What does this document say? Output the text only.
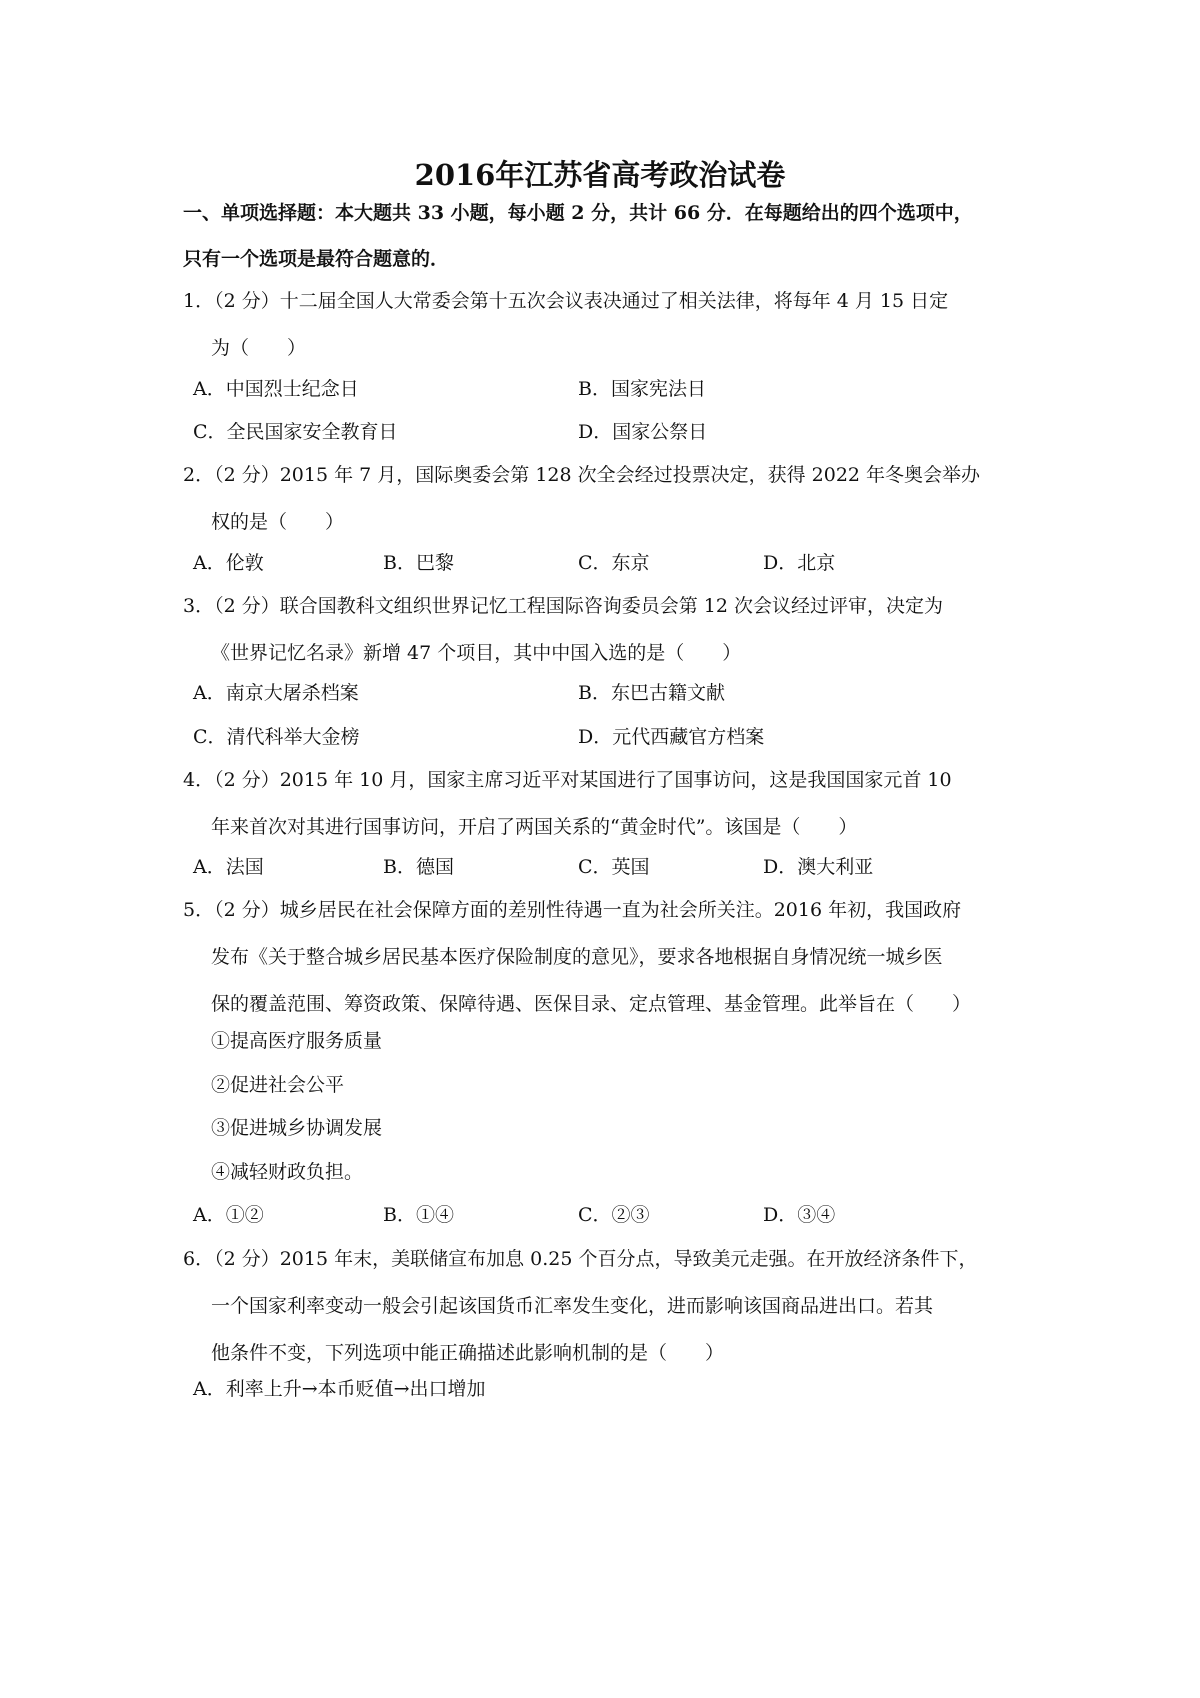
2016年江苏省高考政治试卷
一、单项选择题：本大题共 33 小题，每小题 2 分，共计 66 分．在每题给出的四个选项中，
只有一个选项是最符合题意的．
1．（2 分）十二届全国人大常委会第十五次会议表决通过了相关法律，将每年 4 月 15 日定
为（　　）
A．中国烈士纪念日	B．国家宪法日
C．全民国家安全教育日	D．国家公祭日
2．（2 分）2015 年 7 月，国际奥委会第 128 次全会经过投票决定，获得 2022 年冬奥会举办
权的是（　　）
A．伦敦	B．巴黎	C．东京	D．北京
3．（2 分）联合国教科文组织世界记忆工程国际咨询委员会第 12 次会议经过评审，决定为
《世界记忆名录》新增 47 个项目，其中中国入选的是（　　）
A．南京大屠杀档案	B．东巴古籍文献
C．清代科举大金榜	D．元代西藏官方档案
4．（2 分）2015 年 10 月，国家主席习近平对某国进行了国事访问，这是我国国家元首 10
年来首次对其进行国事访问，开启了两国关系的“黄金时代”。该国是（　　）
A．法国	B．德国	C．英国	D．澳大利亚
5．（2 分）城乡居民在社会保障方面的差别性待遇一直为社会所关注。2016 年初，我国政府
发布《关于整合城乡居民基本医疗保险制度的意见》，要求各地根据自身情况统一城乡医
保的覆盖范围、筹资政策、保障待遇、医保目录、定点管理、基金管理。此举旨在（　　）
①提高医疗服务质量
②促进社会公平
③促进城乡协调发展
④减轻财政负担。
A．①②	B．①④	C．②③	D．③④
6．（2 分）2015 年末，美联储宣布加息 0.25 个百分点，导致美元走强。在开放经济条件下，
一个国家利率变动一般会引起该国货币汇率发生变化，进而影响该国商品进出口。若其
他条件不变，下列选项中能正确描述此影响机制的是（　　）
A．利率上升→本币贬值→出口增加
